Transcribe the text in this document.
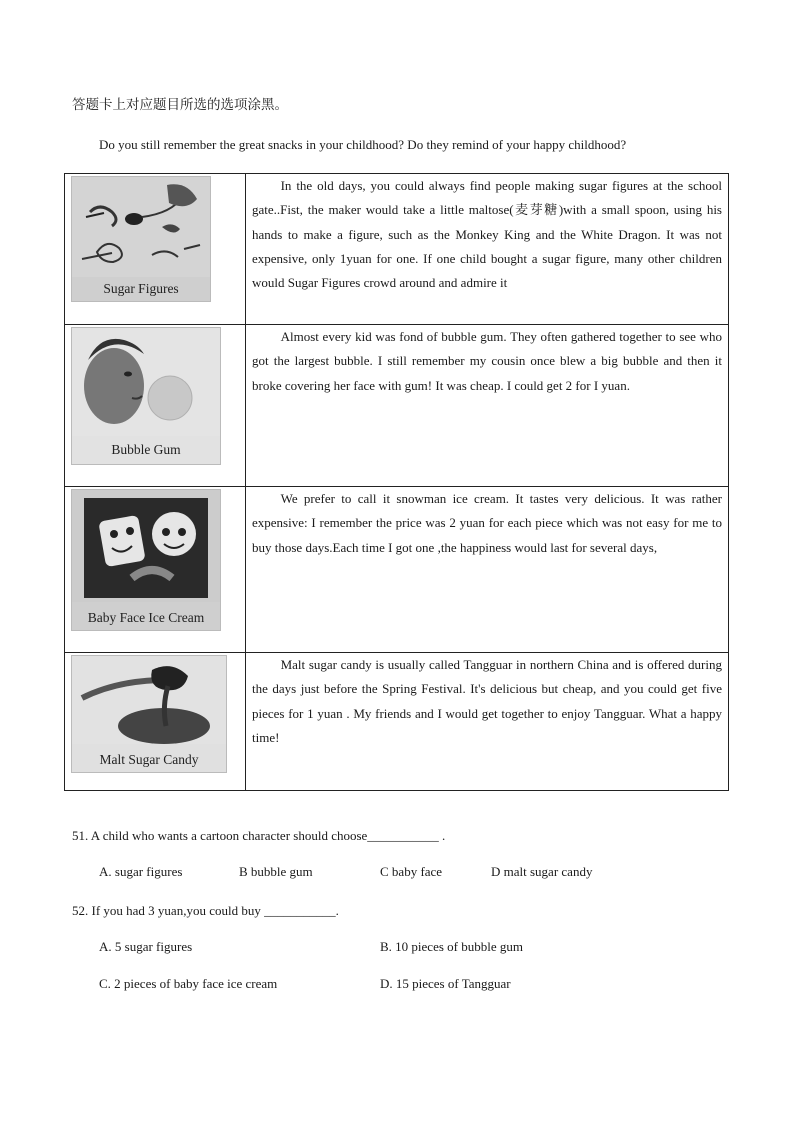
答题卡上对应题目所选的选项涂黑。
Do you still remember the great snacks in your childhood? Do they remind of your happy childhood?
Sugar Figures	In the old days, you could always find people making sugar figures at the school gate..Fist, the maker would take a little maltose(麦芽糖)with a small spoon, using his hands to make a figure, such as the Monkey King and the White Dragon. It was not expensive, only 1yuan for one. If one child bought a sugar figure, many other children would Sugar Figures crowd around and admire it

Bubble Gum	Almost every kid was fond of bubble gum. They often gathered together to see who got the largest bubble. I still remember my cousin once blew a big bubble and then it broke covering her face with gum! It was cheap. I could get 2 for I yuan.

Baby Face Ice Cream	We prefer to call it snowman ice cream. It tastes very delicious. It was rather expensive: I remember the price was 2 yuan for each piece which was not easy for me to buy those days.Each time I got one ,the happiness would last for several days,

Malt Sugar Candy	Malt sugar candy is usually called Tangguar in northern China and is offered during the days just before the Spring Festival. It's delicious but cheap, and you could get five pieces for 1 yuan . My friends and I would get together to enjoy Tangguar. What a happy time!

51. A child who wants a cartoon character should choose___________ .
A. sugar figures	B bubble gum	C baby face	D malt sugar candy
52. If you had 3 yuan,you could buy ___________.
A. 5 sugar figures	B. 10 pieces of bubble gum
C. 2 pieces of baby face ice cream	D. 15 pieces of Tangguar
